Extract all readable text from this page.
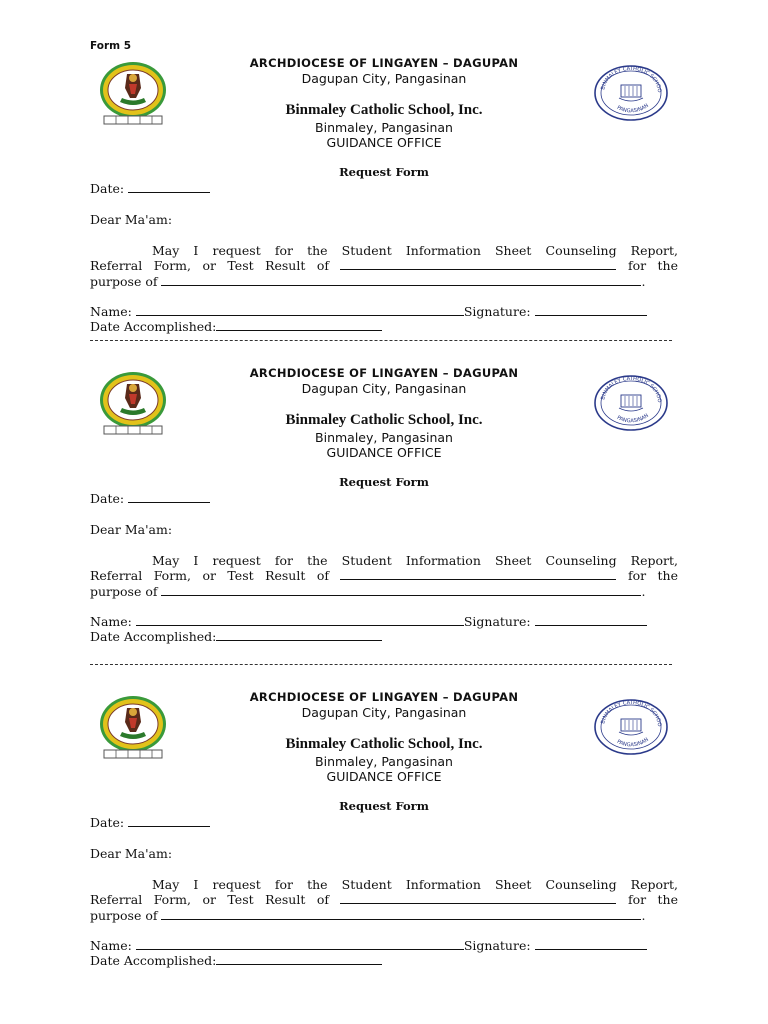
Form 5
BINMALEY CATHOLIC SCHOO
PANGASINAN
ARCHDIOCESE OF LINGAYEN – DAGUPAN
Dagupan City, Pangasinan
Binmaley Catholic School, Inc.
Binmaley, Pangasinan
GUIDANCE OFFICE
Request Form
Date:
Dear Ma'am:
May I request for the Student Information Sheet Counseling Report,
Referral Form, or Test Result of	for the
purpose of	.
Name:	Signature:
Date Accomplished:
BINMALEY CATHOLIC SCHOO
PANGASINAN
ARCHDIOCESE OF LINGAYEN – DAGUPAN
Dagupan City, Pangasinan
Binmaley Catholic School, Inc.
Binmaley, Pangasinan
GUIDANCE OFFICE
Request Form
Date:
Dear Ma'am:
May I request for the Student Information Sheet Counseling Report,
Referral Form, or Test Result of	for the
purpose of	.
Name:	Signature:
Date Accomplished:
BINMALEY CATHOLIC SCHOO
PANGASINAN
ARCHDIOCESE OF LINGAYEN – DAGUPAN
Dagupan City, Pangasinan
Binmaley Catholic School, Inc.
Binmaley, Pangasinan
GUIDANCE OFFICE
Request Form
Date:
Dear Ma'am:
May I request for the Student Information Sheet Counseling Report,
Referral Form, or Test Result of	for the
purpose of	.
Name:	Signature:
Date Accomplished:
